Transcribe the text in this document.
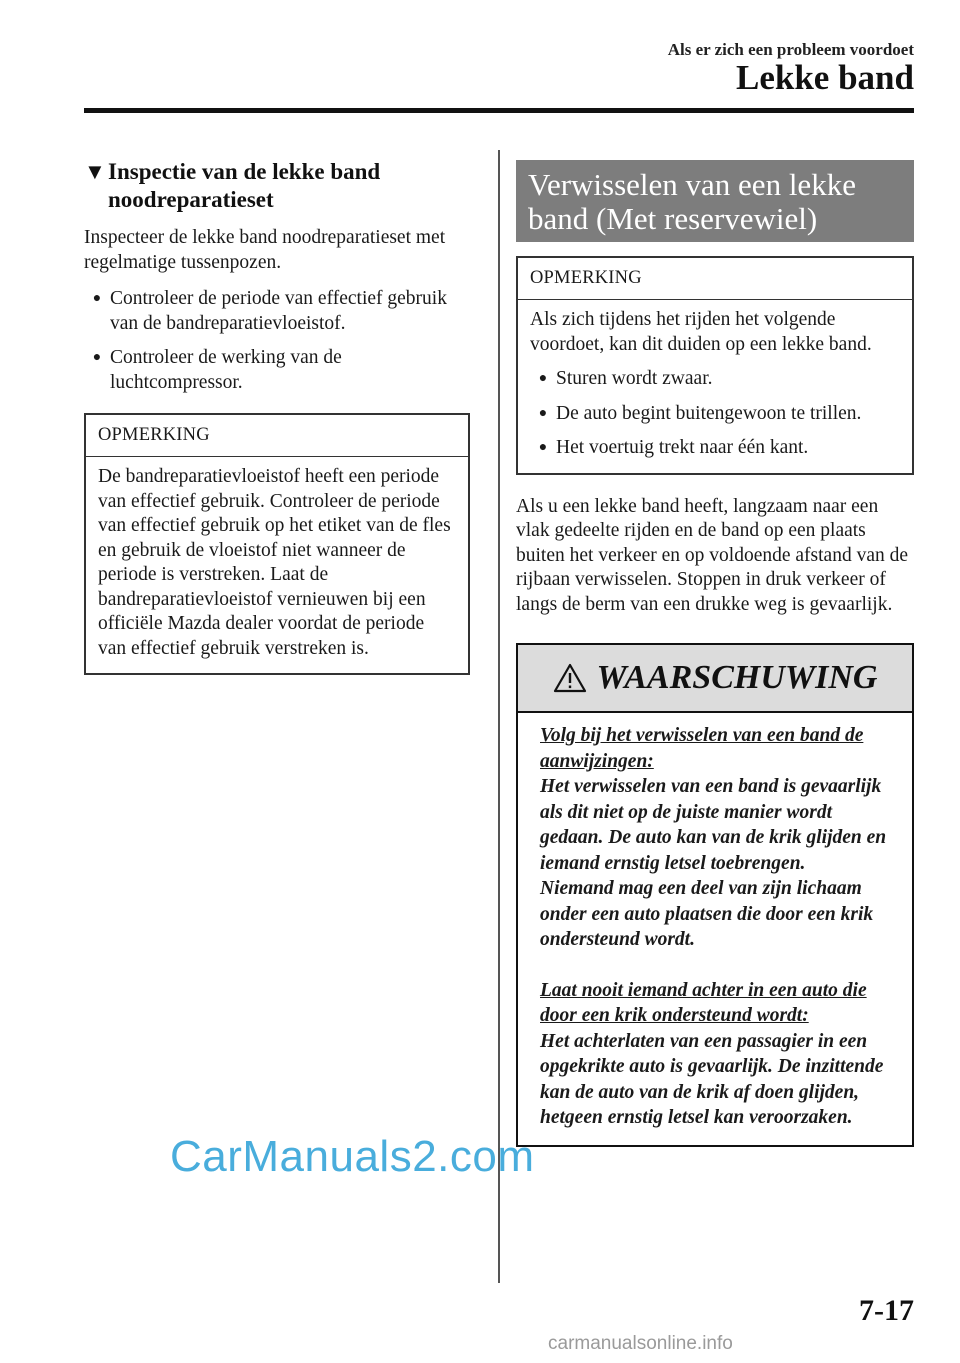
Als er zich een probleem voordoet
Lekke band
▼ Inspectie van de lekke band
noodreparatieset

Inspecteer de lekke band noodreparatieset met regelmatige tussenpozen.

● Controleer de periode van effectief gebruik van de bandreparatievloeistof.
● Controleer de werking van de luchtcompressor.
OPMERKING
De bandreparatievloeistof heeft een periode van effectief gebruik. Controleer de periode van effectief gebruik op het etiket van de fles en gebruik de vloeistof niet wanneer de periode is verstreken. Laat de bandreparatievloeistof vernieuwen bij een officiële Mazda dealer voordat de periode van effectief gebruik verstreken is.
Verwisselen van een lekke
band (Met reservewiel)
OPMERKING
Als zich tijdens het rijden het volgende voordoet, kan dit duiden op een lekke band.
● Sturen wordt zwaar.
● De auto begint buitengewoon te trillen.
● Het voertuig trekt naar één kant.

Als u een lekke band heeft, langzaam naar een vlak gedeelte rijden en de band op een plaats buiten het verkeer en op voldoende afstand van de rijbaan verwisselen. Stoppen in druk verkeer of langs de berm van een drukke weg is gevaarlijk.

WAARSCHUWING
Volg bij het verwisselen van een band de aanwijzingen:
Het verwisselen van een band is gevaarlijk als dit niet op de juiste manier wordt gedaan. De auto kan van de krik glijden en iemand ernstig letsel toebrengen.
Niemand mag een deel van zijn lichaam onder een auto plaatsen die door een krik ondersteund wordt.
Laat nooit iemand achter in een auto die door een krik ondersteund wordt:
Het achterlaten van een passagier in een opgekrikte auto is gevaarlijk. De inzittende kan de auto van de krik af doen glijden, hetgeen ernstig letsel kan veroorzaken.
7-17
CarManuals2.com
carmanualsonline.info
